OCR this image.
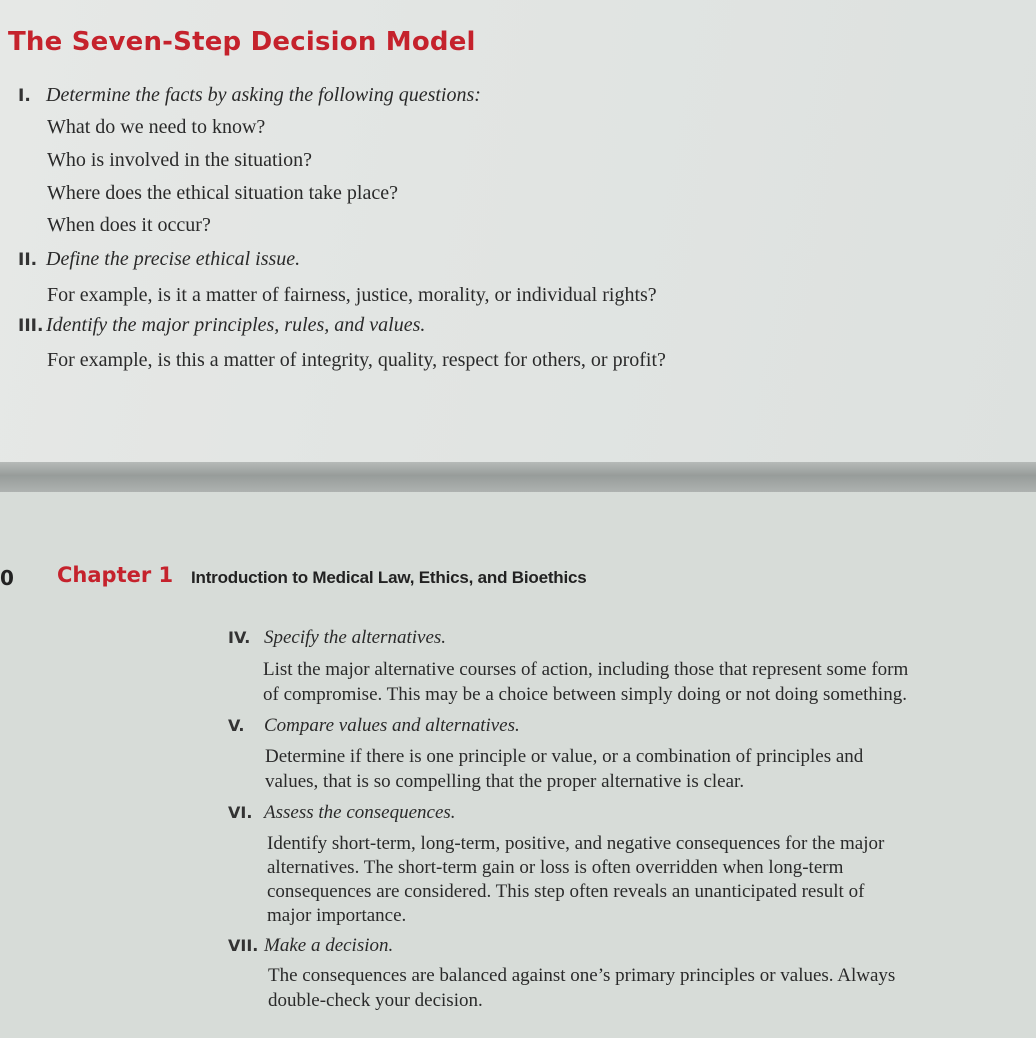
The Seven-Step Decision Model
I. Determine the facts by asking the following questions:
What do we need to know?
Who is involved in the situation?
Where does the ethical situation take place?
When does it occur?
II. Define the precise ethical issue.
For example, is it a matter of fairness, justice, morality, or individual rights?
III. Identify the major principles, rules, and values.
For example, is this a matter of integrity, quality, respect for others, or profit?
0 Chapter 1 Introduction to Medical Law, Ethics, and Bioethics
IV. Specify the alternatives.
List the major alternative courses of action, including those that represent some form
of compromise. This may be a choice between simply doing or not doing something.
V.	Compare values and alternatives.
Determine if there is one principle or value, or a combination of principles and
values, that is so compelling that the proper alternative is clear.
VI. Assess the consequences.
Identify short-term, long-term, positive, and negative consequences for the major
alternatives. The short-term gain or loss is often overridden when long-term
consequences are considered. This step often reveals an unanticipated result of
major importance.
VII. Make a decision.
The consequences are balanced against one’s primary principles or values. Always
double-check your decision.
